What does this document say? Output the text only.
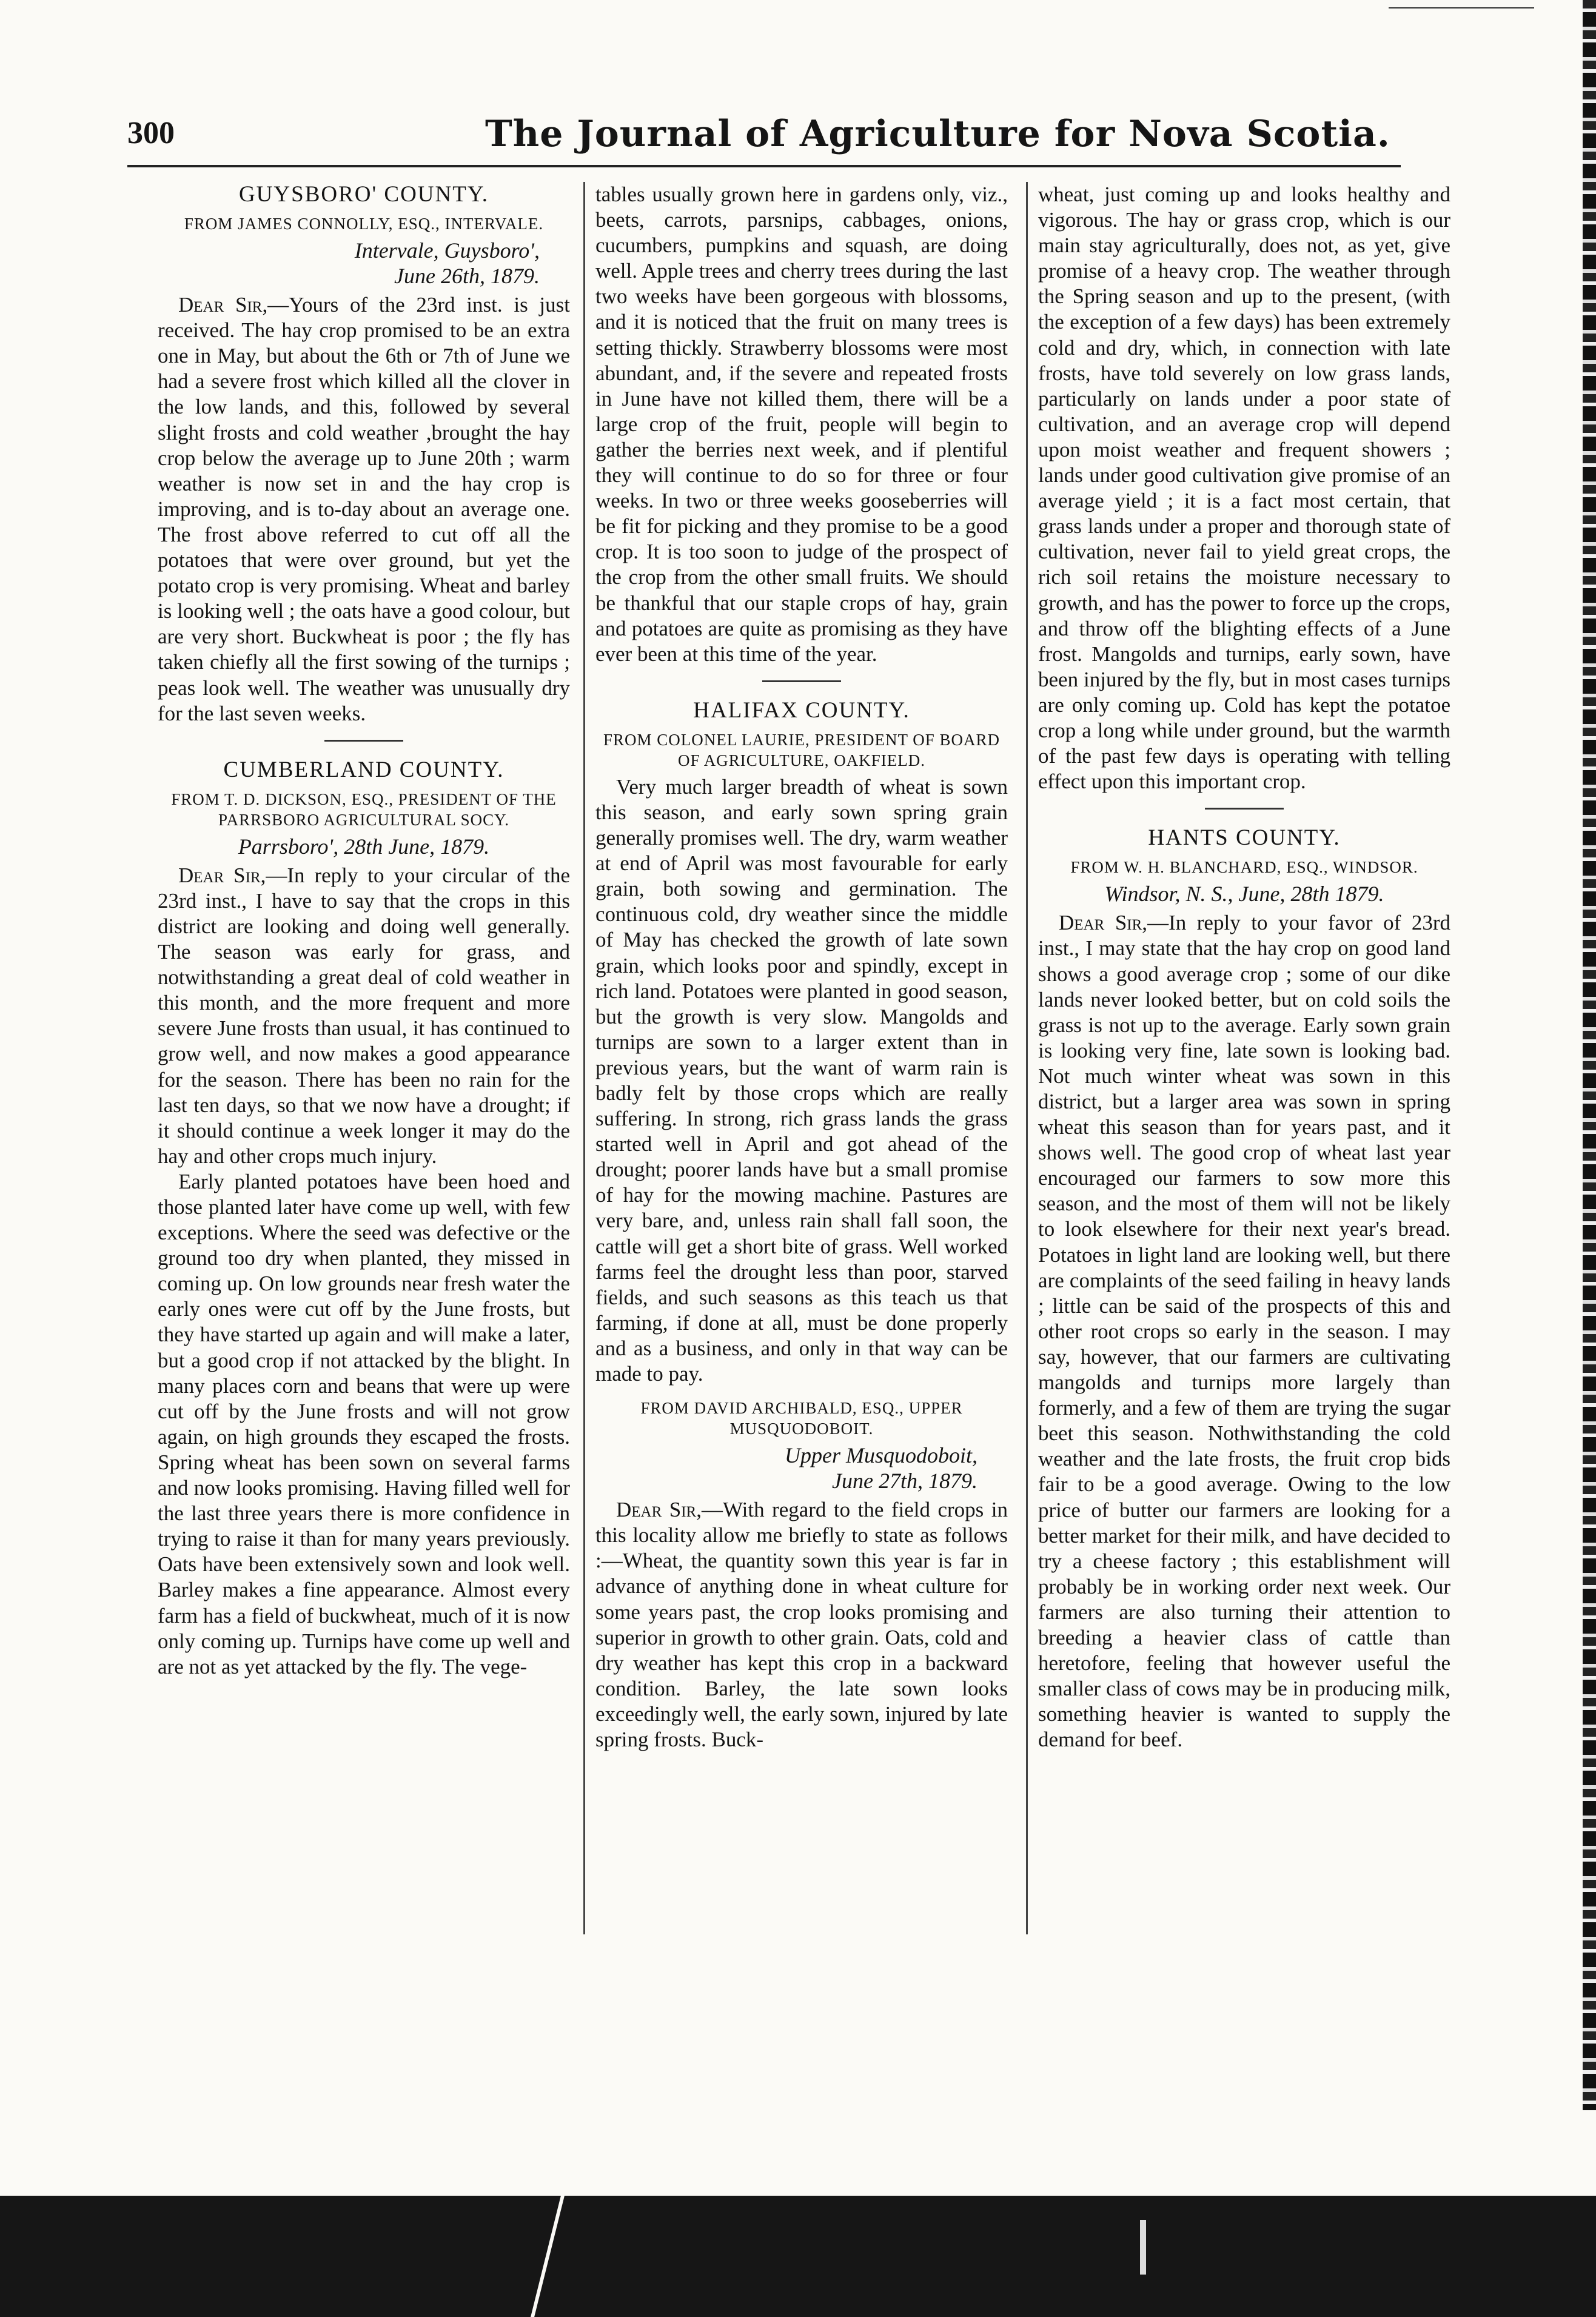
300	The Journal of Agriculture for Nova Scotia.
GUYSBORO' COUNTY.
FROM JAMES CONNOLLY, ESQ., INTERVALE.
Intervale, Guysboro',
June 26th, 1879.

Dear Sir,—Yours of the 23rd inst. is just received. The hay crop promised to be an extra one in May, but about the 6th or 7th of June we had a severe frost which killed all the clover in the low lands, and this, followed by several slight frosts and cold weather ,brought the hay crop below the average up to June 20th ; warm weather is now set in and the hay crop is improving, and is to-day about an average one. The frost above referred to cut off all the potatoes that were over ground, but yet the potato crop is very promising. Wheat and barley is looking well ; the oats have a good colour, but are very short. Buckwheat is poor ; the fly has taken chiefly all the first sowing of the turnips ; peas look well. The weather was unusually dry for the last seven weeks.

CUMBERLAND COUNTY.
FROM T. D. DICKSON, ESQ., PRESIDENT OF THE PARRSBORO AGRICULTURAL SOCY.
Parrsboro', 28th June, 1879.

Dear Sir,—In reply to your circular of the 23rd inst., I have to say that the crops in this district are looking and doing well generally. The season was early for grass, and notwithstanding a great deal of cold weather in this month, and the more frequent and more severe June frosts than usual, it has continued to grow well, and now makes a good appearance for the season. There has been no rain for the last ten days, so that we now have a drought; if it should continue a week longer it may do the hay and other crops much injury.

Early planted potatoes have been hoed and those planted later have come up well, with few exceptions. Where the seed was defective or the ground too dry when planted, they missed in coming up. On low grounds near fresh water the early ones were cut off by the June frosts, but they have started up again and will make a later, but a good crop if not attacked by the blight. In many places corn and beans that were up were cut off by the June frosts and will not grow again, on high grounds they escaped the frosts. Spring wheat has been sown on several farms and now looks promising. Having filled well for the last three years there is more confidence in trying to raise it than for many years previously. Oats have been extensively sown and look well. Barley makes a fine appearance. Almost every farm has a field of buckwheat, much of it is now only coming up. Turnips have come up well and are not as yet attacked by the fly. The vege-

tables usually grown here in gardens only, viz., beets, carrots, parsnips, cabbages, onions, cucumbers, pumpkins and squash, are doing well. Apple trees and cherry trees during the last two weeks have been gorgeous with blossoms, and it is noticed that the fruit on many trees is setting thickly. Strawberry blossoms were most abundant, and, if the severe and repeated frosts in June have not killed them, there will be a large crop of the fruit, people will begin to gather the berries next week, and if plentiful they will continue to do so for three or four weeks. In two or three weeks gooseberries will be fit for picking and they promise to be a good crop. It is too soon to judge of the prospect of the crop from the other small fruits. We should be thankful that our staple crops of hay, grain and potatoes are quite as promising as they have ever been at this time of the year.

HALIFAX COUNTY.
FROM COLONEL LAURIE, PRESIDENT OF BOARD OF AGRICULTURE, OAKFIELD.

Very much larger breadth of wheat is sown this season, and early sown spring grain generally promises well. The dry, warm weather at end of April was most favourable for early grain, both sowing and germination. The continuous cold, dry weather since the middle of May has checked the growth of late sown grain, which looks poor and spindly, except in rich land. Potatoes were planted in good season, but the growth is very slow. Mangolds and turnips are sown to a larger extent than in previous years, but the want of warm rain is badly felt by those crops which are really suffering. In strong, rich grass lands the grass started well in April and got ahead of the drought; poorer lands have but a small promise of hay for the mowing machine. Pastures are very bare, and, unless rain shall fall soon, the cattle will get a short bite of grass. Well worked farms feel the drought less than poor, starved fields, and such seasons as this teach us that farming, if done at all, must be done properly and as a business, and only in that way can be made to pay.

FROM DAVID ARCHIBALD, ESQ., UPPER MUSQUODOBOIT.
Upper Musquodoboit,
June 27th, 1879.

Dear Sir,—With regard to the field crops in this locality allow me briefly to state as follows :—Wheat, the quantity sown this year is far in advance of anything done in wheat culture for some years past, the crop looks promising and superior in growth to other grain. Oats, cold and dry weather has kept this crop in a backward condition. Barley, the late sown looks exceedingly well, the early sown, injured by late spring frosts. Buck-

wheat, just coming up and looks healthy and vigorous. The hay or grass crop, which is our main stay agriculturally, does not, as yet, give promise of a heavy crop. The weather through the Spring season and up to the present, (with the exception of a few days) has been extremely cold and dry, which, in connection with late frosts, have told severely on low grass lands, particularly on lands under a poor state of cultivation, and an average crop will depend upon moist weather and frequent showers ; lands under good cultivation give promise of an average yield ; it is a fact most certain, that grass lands under a proper and thorough state of cultivation, never fail to yield great crops, the rich soil retains the moisture necessary to growth, and has the power to force up the crops, and throw off the blighting effects of a June frost. Mangolds and turnips, early sown, have been injured by the fly, but in most cases turnips are only coming up. Cold has kept the potatoe crop a long while under ground, but the warmth of the past few days is operating with telling effect upon this important crop.

HANTS COUNTY.
FROM W. H. BLANCHARD, ESQ., WINDSOR.
Windsor, N. S., June, 28th 1879.

Dear Sir,—In reply to your favor of 23rd inst., I may state that the hay crop on good land shows a good average crop ; some of our dike lands never looked better, but on cold soils the grass is not up to the average. Early sown grain is looking very fine, late sown is looking bad. Not much winter wheat was sown in this district, but a larger area was sown in spring wheat this season than for years past, and it shows well. The good crop of wheat last year encouraged our farmers to sow more this season, and the most of them will not be likely to look elsewhere for their next year's bread. Potatoes in light land are looking well, but there are complaints of the seed failing in heavy lands ; little can be said of the prospects of this and other root crops so early in the season. I may say, however, that our farmers are cultivating mangolds and turnips more largely than formerly, and a few of them are trying the sugar beet this season. Nothwithstanding the cold weather and the late frosts, the fruit crop bids fair to be a good average. Owing to the low price of butter our farmers are looking for a better market for their milk, and have decided to try a cheese factory ; this establishment will probably be in working order next week. Our farmers are also turning their attention to breeding a heavier class of cattle than heretofore, feeling that however useful the smaller class of cows may be in producing milk, something heavier is wanted to supply the demand for beef.
